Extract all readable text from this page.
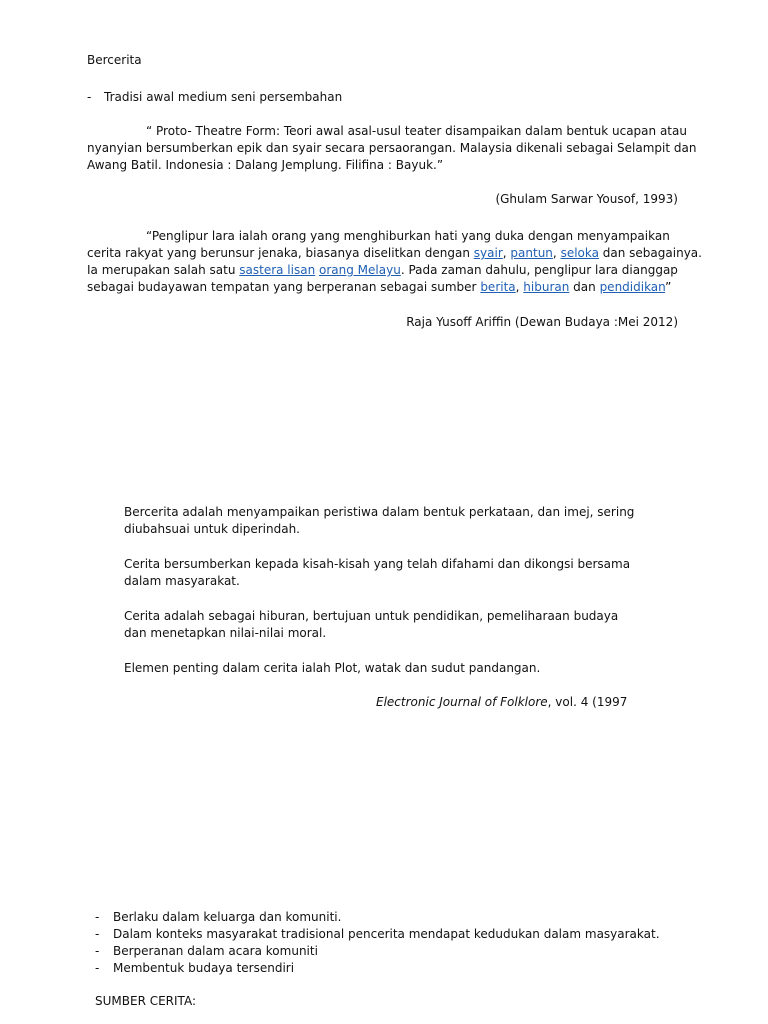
Bercerita
- Tradisi awal medium seni persembahan
“ Proto- Theatre Form: Teori awal asal-usul teater disampaikan dalam bentuk ucapan atau
nyanyian bersumberkan epik dan syair secara persaorangan. Malaysia dikenali sebagai Selampit dan
Awang Batil. Indonesia : Dalang Jemplung. Filifina : Bayuk.”
(Ghulam Sarwar Yousof, 1993)
“Penglipur lara ialah orang yang menghiburkan hati yang duka dengan menyampaikan
cerita rakyat yang berunsur jenaka, biasanya diselitkan dengan syair, pantun, seloka dan sebagainya.
Ia merupakan salah satu sastera lisan orang Melayu. Pada zaman dahulu, penglipur lara dianggap
sebagai budayawan tempatan yang berperanan sebagai sumber berita, hiburan dan pendidikan”
Raja Yusoff Ariffin (Dewan Budaya :Mei 2012)
Bercerita adalah menyampaikan peristiwa dalam bentuk perkataan, dan imej, sering
diubahsuai untuk diperindah.
Cerita bersumberkan kepada kisah-kisah yang telah difahami dan dikongsi bersama
dalam masyarakat.
Cerita adalah sebagai hiburan, bertujuan untuk pendidikan, pemeliharaan budaya
dan menetapkan nilai-nilai moral.
Elemen penting dalam cerita ialah Plot, watak dan sudut pandangan.
Electronic Journal of Folklore, vol. 4 (1997
- Berlaku dalam keluarga dan komuniti.
- Dalam konteks masyarakat tradisional pencerita mendapat kedudukan dalam masyarakat.
- Berperanan dalam acara komuniti
- Membentuk budaya tersendiri
SUMBER CERITA:
